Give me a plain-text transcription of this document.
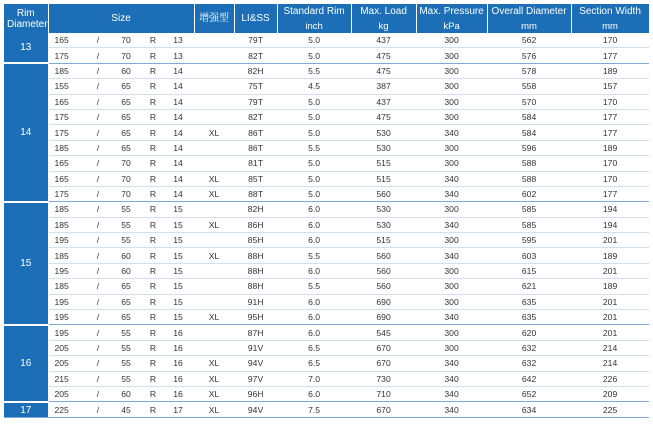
Rim Diameter	Size					增强型	LI&SS	Standard Rim	Max. Load	Max. Pressure	Overall Diameter	Section Width
								inch	kg	kPa	mm	mm
13	165	/	70	R	13		79T	5.0	437	300	562	170
	175	/	70	R	13		82T	5.0	475	300	576	177
14	185	/	60	R	14		82H	5.5	475	300	578	189
	155	/	65	R	14		75T	4.5	387	300	558	157
	165	/	65	R	14		79T	5.0	437	300	570	170
	175	/	65	R	14		82T	5.0	475	300	584	177
	175	/	65	R	14	XL	86T	5.0	530	340	584	177
	185	/	65	R	14		86T	5.5	530	300	596	189
	165	/	70	R	14		81T	5.0	515	300	588	170
	165	/	70	R	14	XL	85T	5.0	515	340	588	170
	175	/	70	R	14	XL	88T	5.0	560	340	602	177
15	185	/	55	R	15		82H	6.0	530	300	585	194
	185	/	55	R	15	XL	86H	6.0	530	340	585	194
	195	/	55	R	15		85H	6.0	515	300	595	201
	185	/	60	R	15	XL	88H	5.5	560	340	603	189
	195	/	60	R	15		88H	6.0	560	300	615	201
	185	/	65	R	15		88H	5.5	560	300	621	189
	195	/	65	R	15		91H	6.0	690	300	635	201
	195	/	65	R	15	XL	95H	6.0	690	340	635	201
16	195	/	55	R	16		87H	6.0	545	300	620	201
	205	/	55	R	16		91V	6.5	670	300	632	214
	205	/	55	R	16	XL	94V	6.5	670	340	632	214
	215	/	55	R	16	XL	97V	7.0	730	340	642	226
	205	/	60	R	16	XL	96H	6.0	710	340	652	209
17	225	/	45	R	17	XL	94V	7.5	670	340	634	225
